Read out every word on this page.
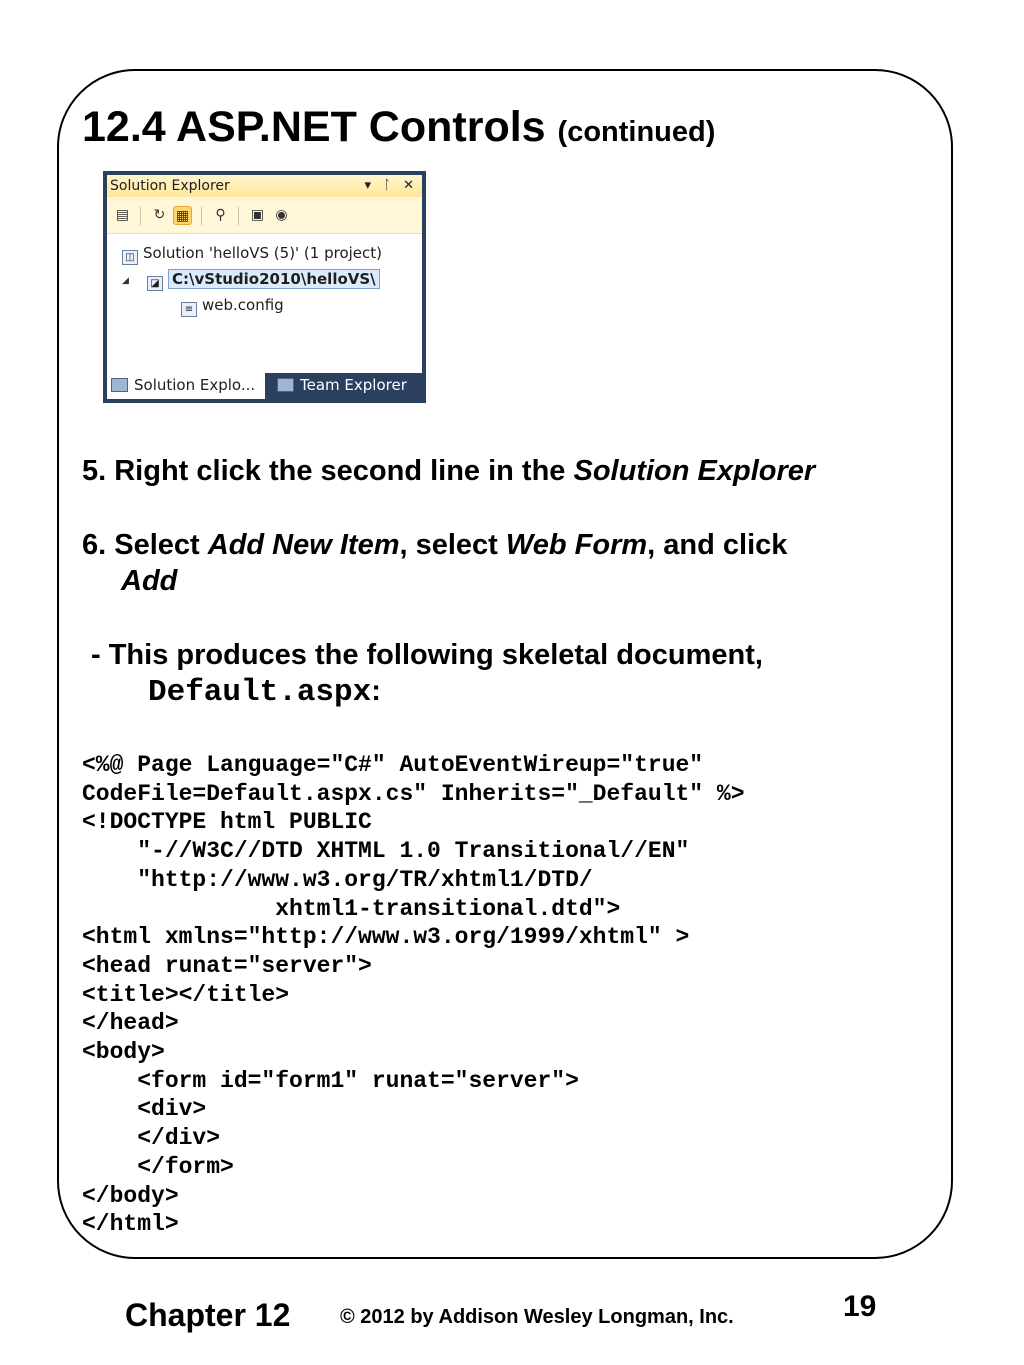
12.4 ASP.NET Controls (continued)
Solution Explorer	▾ ᛚ ✕
▤ ↻ ▦	⚲	▣ ◉
◫ Solution 'helloVS (5)' (1 project)
◢	◪ C:\vStudio2010\helloVS\
≡ web.config
Solution Explo...	Team Explorer

5. Right click the second line in the Solution Explorer

6. Select Add New Item, select Web Form, and click
Add

- This produces the following skeletal document,
Default.aspx:
<%@ Page Language="C#" AutoEventWireup="true"
CodeFile=Default.aspx.cs" Inherits="_Default" %>
<!DOCTYPE html PUBLIC
"-//W3C//DTD XHTML 1.0 Transitional//EN"
"http://www.w3.org/TR/xhtml1/DTD/
xhtml1-transitional.dtd">
<html xmlns="http://www.w3.org/1999/xhtml" >
<head runat="server">
<title></title>
</head>
<body>
<form id="form1" runat="server">
<div>
</div>
</form>
</body>
</html>
Chapter 12 © 2012 by Addison Wesley Longman, Inc.	19
